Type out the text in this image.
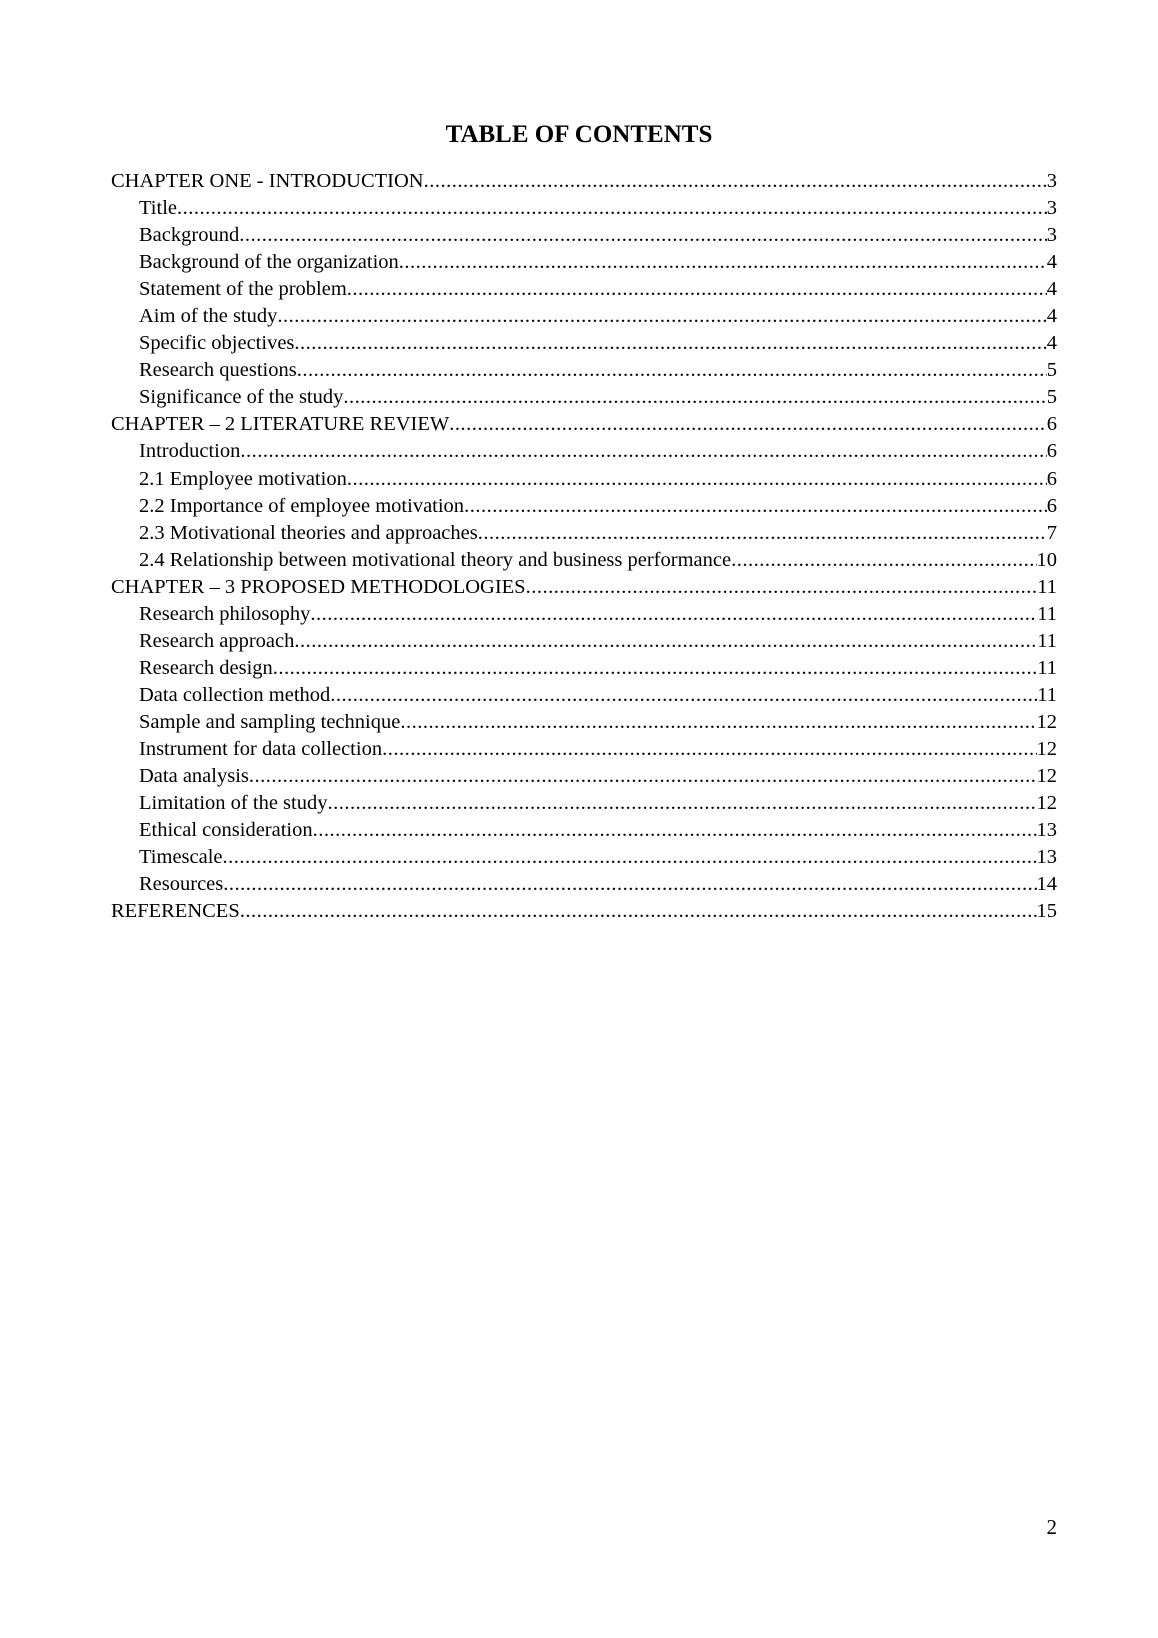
TABLE OF CONTENTS
CHAPTER ONE - INTRODUCTION .....	3
Title .....	3
Background .....	3
Background of the organization .....	4
Statement of the problem .....	4
Aim of the study .....	4
Specific objectives .....	4
Research questions .....	5
Significance of the study .....	5
CHAPTER – 2 LITERATURE REVIEW .....	6
Introduction .....	6
2.1 Employee motivation .....	6
2.2 Importance of employee motivation .....	6
2.3 Motivational theories and approaches .....	7
2.4 Relationship between motivational theory and business performance .....	10
CHAPTER – 3 PROPOSED METHODOLOGIES .....	11
Research philosophy .....	11
Research approach .....	11
Research design .....	11
Data collection method .....	11
Sample and sampling technique .....	12
Instrument for data collection .....	12
Data analysis .....	12
Limitation of the study .....	12
Ethical consideration .....	13
Timescale .....	13
Resources .....	14
REFERENCES .....	15
2
